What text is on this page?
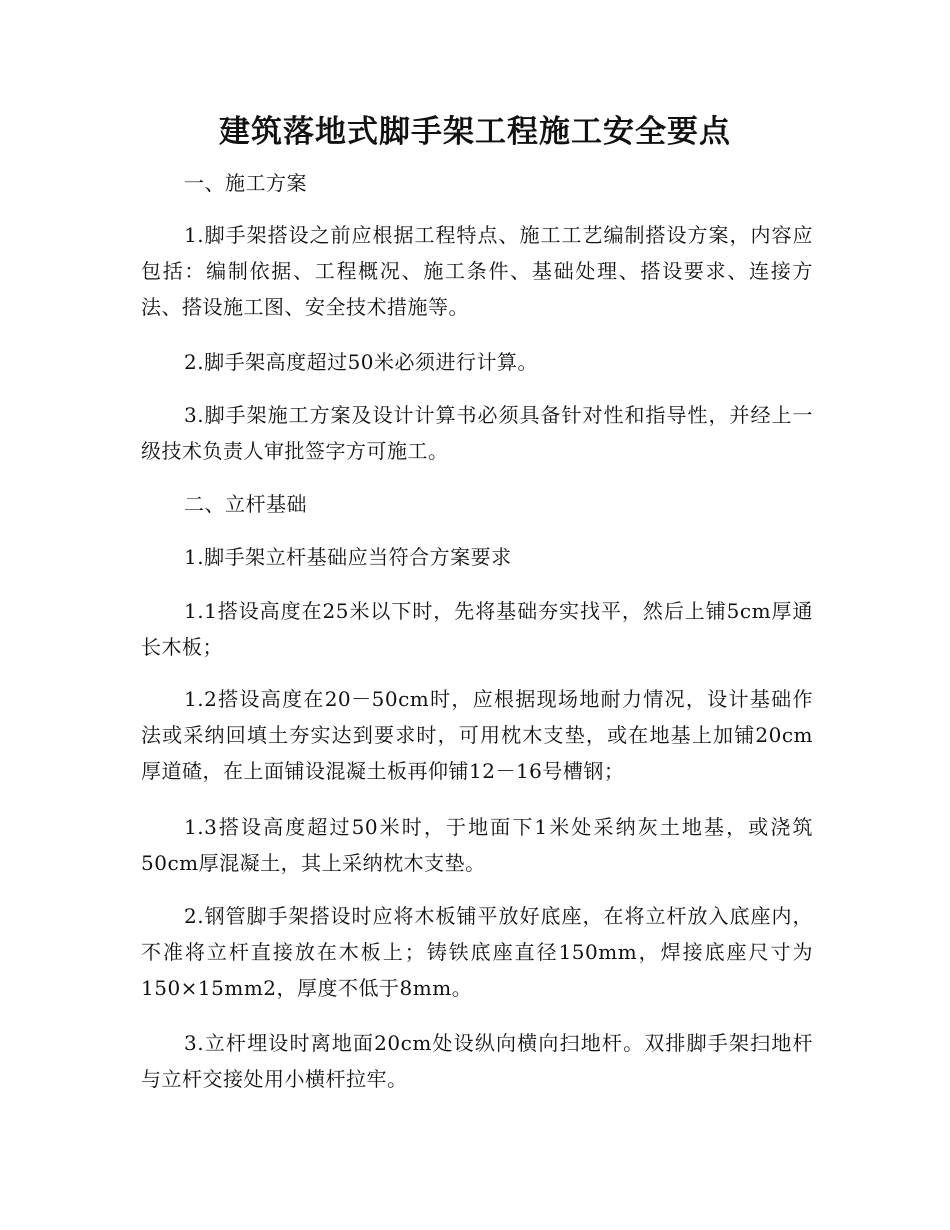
建筑落地式脚手架工程施工安全要点

一、施工方案

1.脚手架搭设之前应根据工程特点、施工工艺编制搭设方案，内容应包括：编制依据、工程概况、施工条件、基础处理、搭设要求、连接方法、搭设施工图、安全技术措施等。

2.脚手架高度超过50米必须进行计算。

3.脚手架施工方案及设计计算书必须具备针对性和指导性，并经上一级技术负责人审批签字方可施工。

二、立杆基础

1.脚手架立杆基础应当符合方案要求

1.1搭设高度在25米以下时，先将基础夯实找平，然后上铺5cm厚通长木板；

1.2搭设高度在20－50cm时，应根据现场地耐力情况，设计基础作法或采纳回填土夯实达到要求时，可用枕木支垫，或在地基上加铺20cm厚道碴，在上面铺设混凝土板再仰铺12－16号槽钢；

1.3搭设高度超过50米时，于地面下1米处采纳灰土地基，或浇筑50cm厚混凝土，其上采纳枕木支垫。

2.钢管脚手架搭设时应将木板铺平放好底座，在将立杆放入底座内，不准将立杆直接放在木板上；铸铁底座直径150mm，焊接底座尺寸为150×15mm2，厚度不低于8mm。

3.立杆埋设时离地面20cm处设纵向横向扫地杆。双排脚手架扫地杆与立杆交接处用小横杆拉牢。
